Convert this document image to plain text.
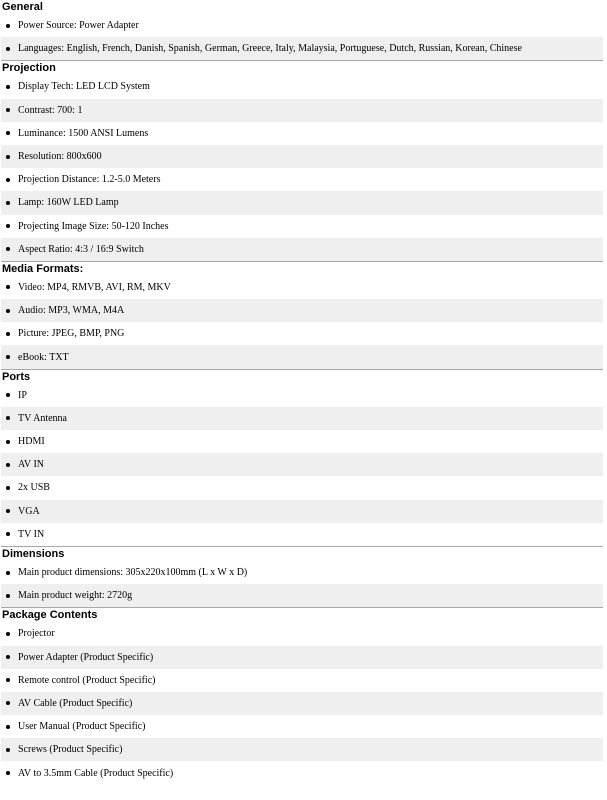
General
Power Source: Power Adapter
Languages: English, French, Danish, Spanish, German, Greece, Italy, Malaysia, Portuguese, Dutch, Russian, Korean, Chinese
Projection
Display Tech: LED LCD System
Contrast: 700: 1
Luminance: 1500 ANSI Lumens
Resolution: 800x600
Projection Distance: 1.2-5.0 Meters
Lamp: 160W LED Lamp
Projecting Image Size: 50-120 Inches
Aspect Ratio: 4:3 / 16:9 Switch
Media Formats:
Video: MP4, RMVB, AVI, RM, MKV
Audio: MP3, WMA, M4A
Picture: JPEG, BMP, PNG
eBook: TXT
Ports
IP
TV Antenna
HDMI
AV IN
2x USB
VGA
TV IN
Dimensions
Main product dimensions: 305x220x100mm (L x W x D)
Main product weight: 2720g
Package Contents
Projector
Power Adapter (Product Specific)
Remote control (Product Specific)
AV Cable (Product Specific)
User Manual (Product Specific)
Screws (Product Specific)
AV to 3.5mm Cable (Product Specific)
